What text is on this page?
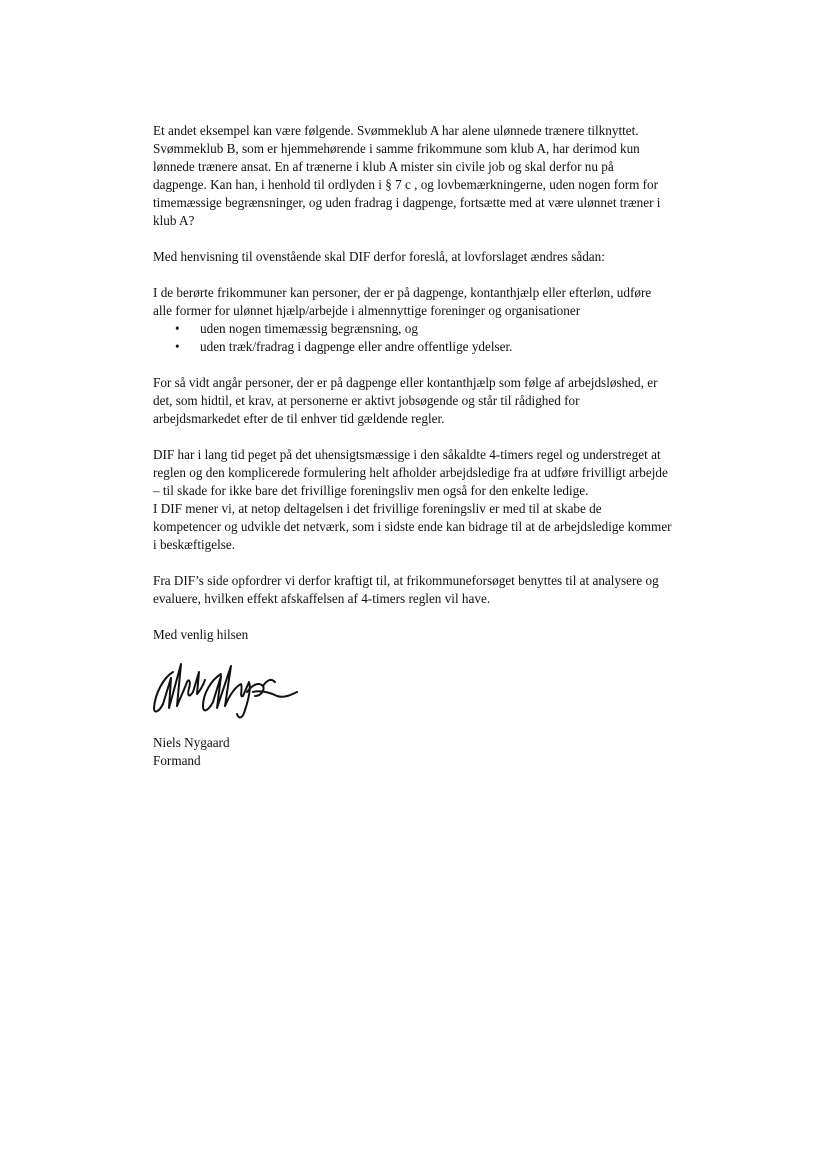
Et andet eksempel kan være følgende. Svømmeklub A har alene ulønnede trænere tilknyttet.
Svømmeklub B, som er hjemmehørende i samme frikommune som klub A, har derimod kun
lønnede trænere ansat. En af trænerne i klub A mister sin civile job og skal derfor nu på
dagpenge. Kan han, i henhold til ordlyden i § 7 c , og lovbemærkningerne, uden nogen form for
timemæssige begrænsninger, og uden fradrag i dagpenge, fortsætte med at være ulønnet træner i
klub A?
Med henvisning til ovenstående skal DIF derfor foreslå, at lovforslaget ændres sådan:
I de berørte frikommuner kan personer, der er på dagpenge, kontanthjælp eller efterløn, udføre
alle former for ulønnet hjælp/arbejde i almennyttige foreninger og organisationer
• uden nogen timemæssig begrænsning, og
• uden træk/fradrag i dagpenge eller andre offentlige ydelser.
For så vidt angår personer, der er på dagpenge eller kontanthjælp som følge af arbejdsløshed, er
det, som hidtil, et krav, at personerne er aktivt jobsøgende og står til rådighed for
arbejdsmarkedet efter de til enhver tid gældende regler.
DIF har i lang tid peget på det uhensigtsmæssige i den såkaldte 4-timers regel og understreget at
reglen og den komplicerede formulering helt afholder arbejdsledige fra at udføre frivilligt arbejde
– til skade for ikke bare det frivillige foreningsliv men også for den enkelte ledige.
I DIF mener vi, at netop deltagelsen i det frivillige foreningsliv er med til at skabe de
kompetencer og udvikle det netværk, som i sidste ende kan bidrage til at de arbejdsledige kommer
i beskæftigelse.
Fra DIF’s side opfordrer vi derfor kraftigt til, at frikommuneforsøget benyttes til at analysere og
evaluere, hvilken effekt afskaffelsen af 4-timers reglen vil have.
Med venlig hilsen
Niels Nygaard
Formand
